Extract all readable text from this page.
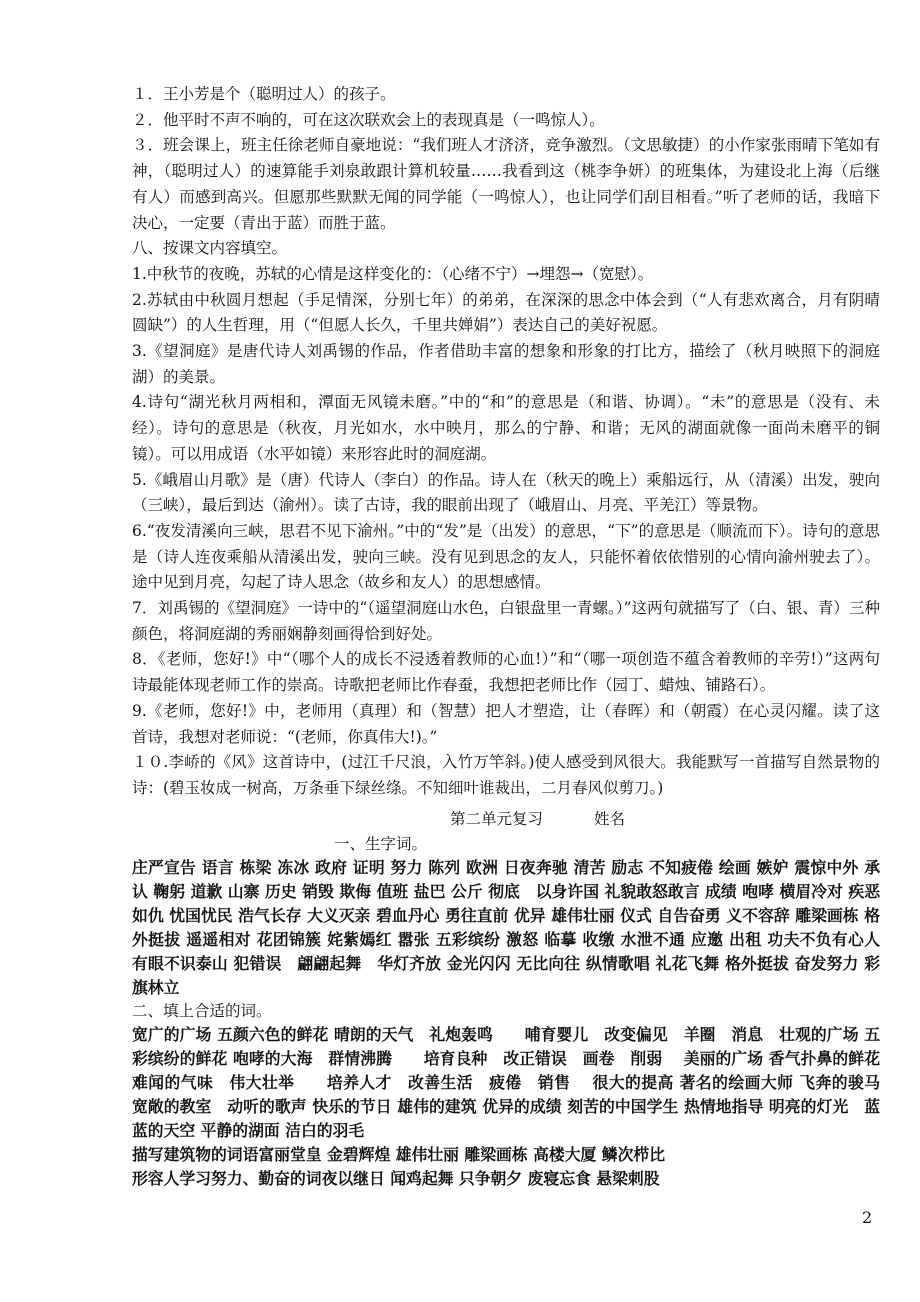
１．王小芳是个（聪明过人）的孩子。

２．他平时不声不响的，可在这次联欢会上的表现真是（一鸣惊人）。

３．班会课上，班主任徐老师自豪地说：“我们班人才济济，竞争激烈。（文思敏捷）的小作家张雨晴下笔如有神，（聪明过人）的速算能手刘泉敢跟计算机较量……我看到这（桃李争妍）的班集体，为建设北上海（后继有人）而感到高兴。但愿那些默默无闻的同学能（一鸣惊人），也让同学们刮目相看。”听了老师的话，我暗下决心，一定要（青出于蓝）而胜于蓝。

八、按课文内容填空。

1.中秋节的夜晚，苏轼的心情是这样变化的：（心绪不宁）→埋怨→（宽慰）。

2.苏轼由中秋圆月想起（手足情深，分别七年）的弟弟，在深深的思念中体会到（“人有悲欢离合，月有阴晴圆缺”）的人生哲理，用（“但愿人长久，千里共婵娟”）表达自己的美好祝愿。

3.《望洞庭》是唐代诗人刘禹锡的作品，作者借助丰富的想象和形象的打比方，描绘了（秋月映照下的洞庭湖）的美景。

4.诗句“湖光秋月两相和，潭面无风镜未磨。”中的“和”的意思是（和谐、协调）。“未”的意思是（没有、未经）。诗句的意思是（秋夜，月光如水，水中映月，那么的宁静、和谐；无风的湖面就像一面尚未磨平的铜镜）。可以用成语（水平如镜）来形容此时的洞庭湖。

5.《峨眉山月歌》是（唐）代诗人（李白）的作品。诗人在（秋天的晚上）乘船远行，从（清溪）出发，驶向（三峡），最后到达（渝州）。读了古诗，我的眼前出现了（峨眉山、月亮、平羌江）等景物。

6.“夜发清溪向三峡，思君不见下渝州。”中的“发”是（出发）的意思，“下”的意思是（顺流而下）。诗句的意思是（诗人连夜乘船从清溪出发，驶向三峡。没有见到思念的友人，只能怀着依依惜别的心情向渝州驶去了）。途中见到月亮，勾起了诗人思念（故乡和友人）的思想感情。

7．刘禹锡的《望洞庭》一诗中的“（遥望洞庭山水色，白银盘里一青螺。）”这两句就描写了（白、银、青）三种颜色，将洞庭湖的秀丽娴静刻画得恰到好处。

8．《老师，您好!》中“（哪个人的成长不浸透着教师的心血!）”和“（哪一项创造不蕴含着教师的辛劳!）”这两句诗最能体现老师工作的崇高。诗歌把老师比作春蚕，我想把老师比作（园丁、蜡烛、铺路石）。

9.《老师，您好!》中，老师用（真理）和（智慧）把人才塑造，让（春晖）和（朝霞）在心灵闪耀。读了这首诗，我想对老师说：“(老师，你真伟大!)。”

１０.李峤的《风》这首诗中，(过江千尺浪，入竹万竿斜。)使人感受到风很大。我能默写一首描写自然景物的诗：(碧玉妆成一树高，万条垂下绿丝绦。不知细叶谁裁出，二月春风似剪刀。)

第二单元复习	姓名

一、生字词。

庄严宣告 语言 栋梁 冻冰 政府 证明 努力 陈列 欧洲 日夜奔驰 清苦 励志 不知疲倦 绘画 嫉妒 震惊中外 承认 鞠躬 道歉 山寨 历史 销毁 欺侮 值班 盐巴 公斤 彻底　以身许国 礼貌敢怒敢言 成绩 咆哮 横眉冷对 疾恶如仇 忧国忧民 浩气长存 大义灭亲 碧血丹心 勇往直前 优异 雄伟壮丽 仪式 自告奋勇 义不容辞 雕梁画栋 格外挺拔 遥遥相对 花团锦簇 姹紫嫣红 嚣张 五彩缤纷 激怒 临摹 收缴 水泄不通 应邀 出租 功夫不负有心人 有眼不识泰山 犯错误　翩翩起舞　华灯齐放 金光闪闪 无比向往 纵情歌唱 礼花飞舞 格外挺拔 奋发努力 彩旗林立

二、填上合适的词。

宽广的广场 五颜六色的鲜花 晴朗的天气　礼炮轰鸣　　哺育婴儿　改变偏见　羊圈　消息　壮观的广场 五彩缤纷的鲜花 咆哮的大海　群情沸腾　　培育良种　改正错误　画卷　削弱　 美丽的广场 香气扑鼻的鲜花 难闻的气味　伟大壮举　　培养人才　改善生活　疲倦　销售　 很大的提高 著名的绘画大师 飞奔的骏马　宽敞的教室　动听的歌声 快乐的节日 雄伟的建筑 优异的成绩 刻苦的中国学生 热情地指导 明亮的灯光　蓝蓝的天空 平静的湖面 洁白的羽毛

描写建筑物的词语富丽堂皇 金碧辉煌 雄伟壮丽 雕梁画栋 高楼大厦 鳞次栉比

形容人学习努力、勤奋的词夜以继日 闻鸡起舞 只争朝夕 废寝忘食 悬梁刺股

2
